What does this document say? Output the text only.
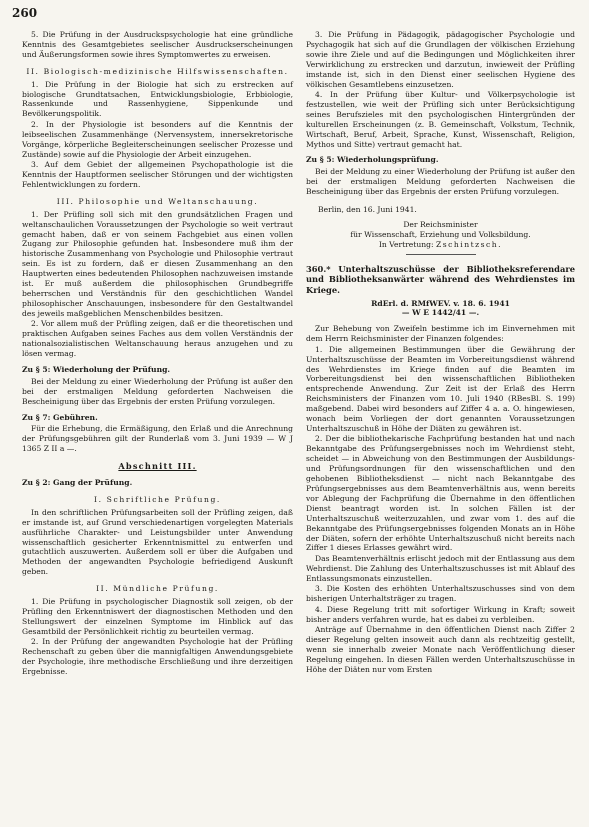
260

5. Die Prüfung in der Ausdruckspsychologie hat eine gründliche Kenntnis des Gesamtgebietes seelischer Ausdruckserscheinungen und Äußerungsformen sowie ihres Symptomwertes zu erweisen.

II. Biologisch-medizinische Hilfswissenschaften.

1. Die Prüfung in der Biologie hat sich zu erstrecken auf biologische Grundtatsachen, Entwicklungsbiologie, Erbbiologie, Rassenkunde und Rassenhygiene, Sippenkunde und Bevölkerungspolitik.

2. In der Physiologie ist besonders auf die Kenntnis der leibseelischen Zusammenhänge (Nervensystem, innersekretorische Vorgänge, körperliche Begleiterscheinungen seelischer Prozesse und Zustände) sowie auf die Physiologie der Arbeit einzugehen.

3. Auf dem Gebiet der allgemeinen Psychopathologie ist die Kenntnis der Hauptformen seelischer Störungen und der wichtigsten Fehlentwicklungen zu fordern.

III. Philosophie und Weltanschauung.

1. Der Prüfling soll sich mit den grundsätzlichen Fragen und weltanschaulichen Voraussetzungen der Psychologie so weit vertraut gemacht haben, daß er von seinem Fachgebiet aus einen vollen Zugang zur Philosophie gefunden hat. Insbesondere muß ihm der historische Zusammenhang von Psychologie und Philosophie vertraut sein. Es ist zu fordern, daß er diesen Zusammenhang an den Hauptwerten eines bedeutenden Philosophen nachzuweisen imstande ist. Er muß außerdem die philosophischen Grundbegriffe beherrschen und Verständnis für den geschichtlichen Wandel philosophischer Anschauungen, insbesondere für den Gestaltwandel des jeweils maßgeblichen Menschenbildes besitzen.

2. Vor allem muß der Prüfling zeigen, daß er die theoretischen und praktischen Aufgaben seines Faches aus dem vollen Verständnis der nationalsozialistischen Weltanschauung heraus anzugehen und zu lösen vermag.

Zu § 5: Wiederholung der Prüfung.

Bei der Meldung zu einer Wiederholung der Prüfung ist außer den bei der erstmaligen Meldung geforderten Nachweisen die Bescheinigung über das Ergebnis der ersten Prüfung vorzulegen.

Zu § 7: Gebühren.

Für die Erhebung, die Ermäßigung, den Erlaß und die Anrechnung der Prüfungsgebühren gilt der Runderlaß vom 3. Juni 1939 — W J 1365 Z II a —.

Abschnitt III.

Zu § 2: Gang der Prüfung.

I. Schriftliche Prüfung.

In den schriftlichen Prüfungsarbeiten soll der Prüfling zeigen, daß er imstande ist, auf Grund verschiedenartigen vorgelegten Materials ausführliche Charakter- und Leistungsbilder unter Anwendung wissenschaftlich gesicherter Erkenntnismittel zu entwerfen und gutachtlich auszuwerten. Außerdem soll er über die Aufgaben und Methoden der angewandten Psychologie befriedigend Auskunft geben.

II. Mündliche Prüfung.

1. Die Prüfung in psychologischer Diagnostik soll zeigen, ob der Prüfling den Erkenntniswert der diagnostischen Methoden und den Stellungswert der einzelnen Symptome im Hinblick auf das Gesamtbild der Persönlichkeit richtig zu beurteilen vermag.

2. In der Prüfung der angewandten Psychologie hat der Prüfling Rechenschaft zu geben über die mannigfaltigen Anwendungsgebiete der Psychologie, ihre methodische Erschließung und ihre derzeitigen Ergebnisse.

3. Die Prüfung in Pädagogik, pädagogischer Psychologie und Psychagogik hat sich auf die Grundlagen der völkischen Erziehung sowie ihre Ziele und auf die Bedingungen und Möglichkeiten ihrer Verwirklichung zu erstrecken und darzutun, inwieweit der Prüfling imstande ist, sich in den Dienst einer seelischen Hygiene des völkischen Gesamtlebens einzusetzen.

4. In der Prüfung über Kultur- und Völkerpsychologie ist festzustellen, wie weit der Prüfling sich unter Berücksichtigung seines Berufszieles mit den psychologischen Hintergründen der kulturellen Erscheinungen (z. B. Gemeinschaft, Volkstum, Technik, Wirtschaft, Beruf, Arbeit, Sprache, Kunst, Wissenschaft, Religion, Mythos und Sitte) vertraut gemacht hat.

Zu § 5: Wiederholungsprüfung.

Bei der Meldung zu einer Wiederholung der Prüfung ist außer den bei der erstmaligen Meldung geforderten Nachweisen die Bescheinigung über das Ergebnis der ersten Prüfung vorzulegen.

Berlin, den 16. Juni 1941.

Der Reichsminister

für Wissenschaft, Erziehung und Volksbildung.

In Vertretung: Zschintzsch.

360.* Unterhaltszuschüsse der Bibliotheksreferendare und Bibliotheksanwärter während des Wehrdienstes im Kriege.

RdErl. d. RMfWEV. v. 18. 6. 1941

— W E 1442/41 —.

Zur Behebung von Zweifeln bestimme ich im Einvernehmen mit dem Herrn Reichsminister der Finanzen folgendes:

1. Die allgemeinen Bestimmungen über die Gewährung der Unterhaltszuschüsse der Beamten im Vorbereitungsdienst während des Wehrdienstes im Kriege finden auf die Beamten im Vorbereitungsdienst bei den wissenschaftlichen Bibliotheken entsprechende Anwendung. Zur Zeit ist der Erlaß des Herrn Reichsministers der Finanzen vom 10. Juli 1940 (RBesBl. S. 199) maßgebend. Dabei wird besonders auf Ziffer 4 a. a. O. hingewiesen, wonach beim Vorliegen der dort genannten Voraussetzungen Unterhaltszuschuß in Höhe der Diäten zu gewähren ist.

2. Der die bibliothekarische Fachprüfung bestanden hat und nach Bekanntgabe des Prüfungsergebnisses noch im Wehrdienst steht, scheidet — in Abweichung von den Bestimmungen der Ausbildungs- und Prüfungsordnungen für den wissenschaftlichen und den gehobenen Bibliotheksdienst — nicht nach Bekanntgabe des Prüfungsergebnisses aus dem Beamtenverhältnis aus, wenn bereits vor Ablegung der Fachprüfung die Übernahme in den öffentlichen Dienst beantragt worden ist. In solchen Fällen ist der Unterhaltszuschuß weiterzuzahlen, und zwar vom 1. des auf die Bekanntgabe des Prüfungsergebnisses folgenden Monats an in Höhe der Diäten, sofern der erhöhte Unterhaltszuschuß nicht bereits nach Ziffer 1 dieses Erlasses gewährt wird.

Das Beamtenverhältnis erlischt jedoch mit der Entlassung aus dem Wehrdienst. Die Zahlung des Unterhaltszuschusses ist mit Ablauf des Entlassungsmonats einzustellen.

3. Die Kosten des erhöhten Unterhaltszuschusses sind von dem bisherigen Unterhaltsträger zu tragen.

4. Diese Regelung tritt mit sofortiger Wirkung in Kraft; soweit bisher anders verfahren wurde, hat es dabei zu verbleiben.

Anträge auf Übernahme in den öffentlichen Dienst nach Ziffer 2 dieser Regelung gelten insoweit auch dann als rechtzeitig gestellt, wenn sie innerhalb zweier Monate nach Veröffentlichung dieser Regelung eingehen. In diesen Fällen werden Unterhaltszuschüsse in Höhe der Diäten nur vom Ersten
